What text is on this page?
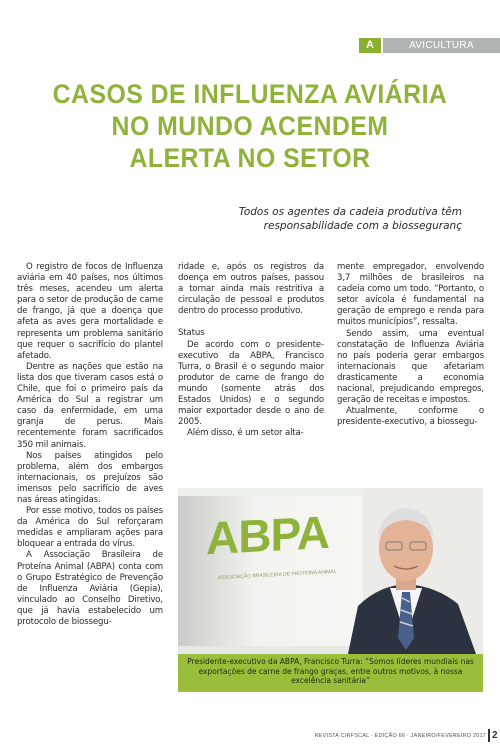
A	AVICULTURA
CASOS DE INFLUENZA AVIÁRIA
NO MUNDO ACENDEM
ALERTA NO SETOR

Todos os agentes da cadeia produtiva têm
responsabilidade com a biosseguranç

O registro de focos de Influenza aviária em 40 países, nos últimos três meses, acendeu um alerta para o setor de produção de carne de frango, já que a doença que afeta as aves gera mortalidade e representa um problema sanitário que requer o sacrifício do plantel afetado.

Dentre as nações que estão na lista dos que tiveram casos está o Chile, que foi o primeiro país da América do Sul a registrar um caso da enfermidade, em uma granja de perus. Mais recentemente foram sacrificados 350 mil animais.

Nos países atingidos pelo problema, além dos embargos internacionais, os prejuízos são imensos pelo sacrifício de aves nas áreas atingidas.

Por esse motivo, todos os países da América do Sul reforçaram medidas e ampliaram ações para bloquear a entrada do vírus.

A Associação Brasileira de Proteína Animal (ABPA) conta com o Grupo Estratégico de Prevenção de Influenza Aviária (Gepia), vinculado ao Conselho Diretivo, que já havia estabelecido um protocolo de biossegu-

ridade e, após os registros da doença em outros países, passou a tornar ainda mais restritiva a circulação de pessoal e produtos dentro do processo produtivo.

Status

De acordo com o presidente-executivo da ABPA, Francisco Turra, o Brasil é o segundo maior produtor de carne de frango do mundo (somente atrás dos Estados Unidos) e o segundo maior exportador desde o ano de 2005.

Além disso, é um setor alta-

mente empregador, envolvendo 3,7 milhões de brasileiros na cadeia como um todo. “Portanto, o setor avícola é fundamental na geração de emprego e renda para muitos municípios”, ressalta.

Sendo assim, uma eventual constatação de Influenza Aviária no país poderia gerar embargos internacionais que afetariam drasticamente a economia nacional, prejudicando empregos, geração de receitas e impostos.

Atualmente, conforme o presidente-executivo, a biossegu-

ABPA
ASSOCIAÇÃO BRASILEIRA DE PROTEÍNA ANIMAL
Presidente-executivo da ABPA, Francisco Turra: “Somos líderes mundiais nas exportações de carne de frango graças, entre outros motivos, à nossa excelência sanitária”
REVISTA CIRFSCAL · EDIÇÃO 66 · JANEIRO/FEVEREIRO 2017 2
